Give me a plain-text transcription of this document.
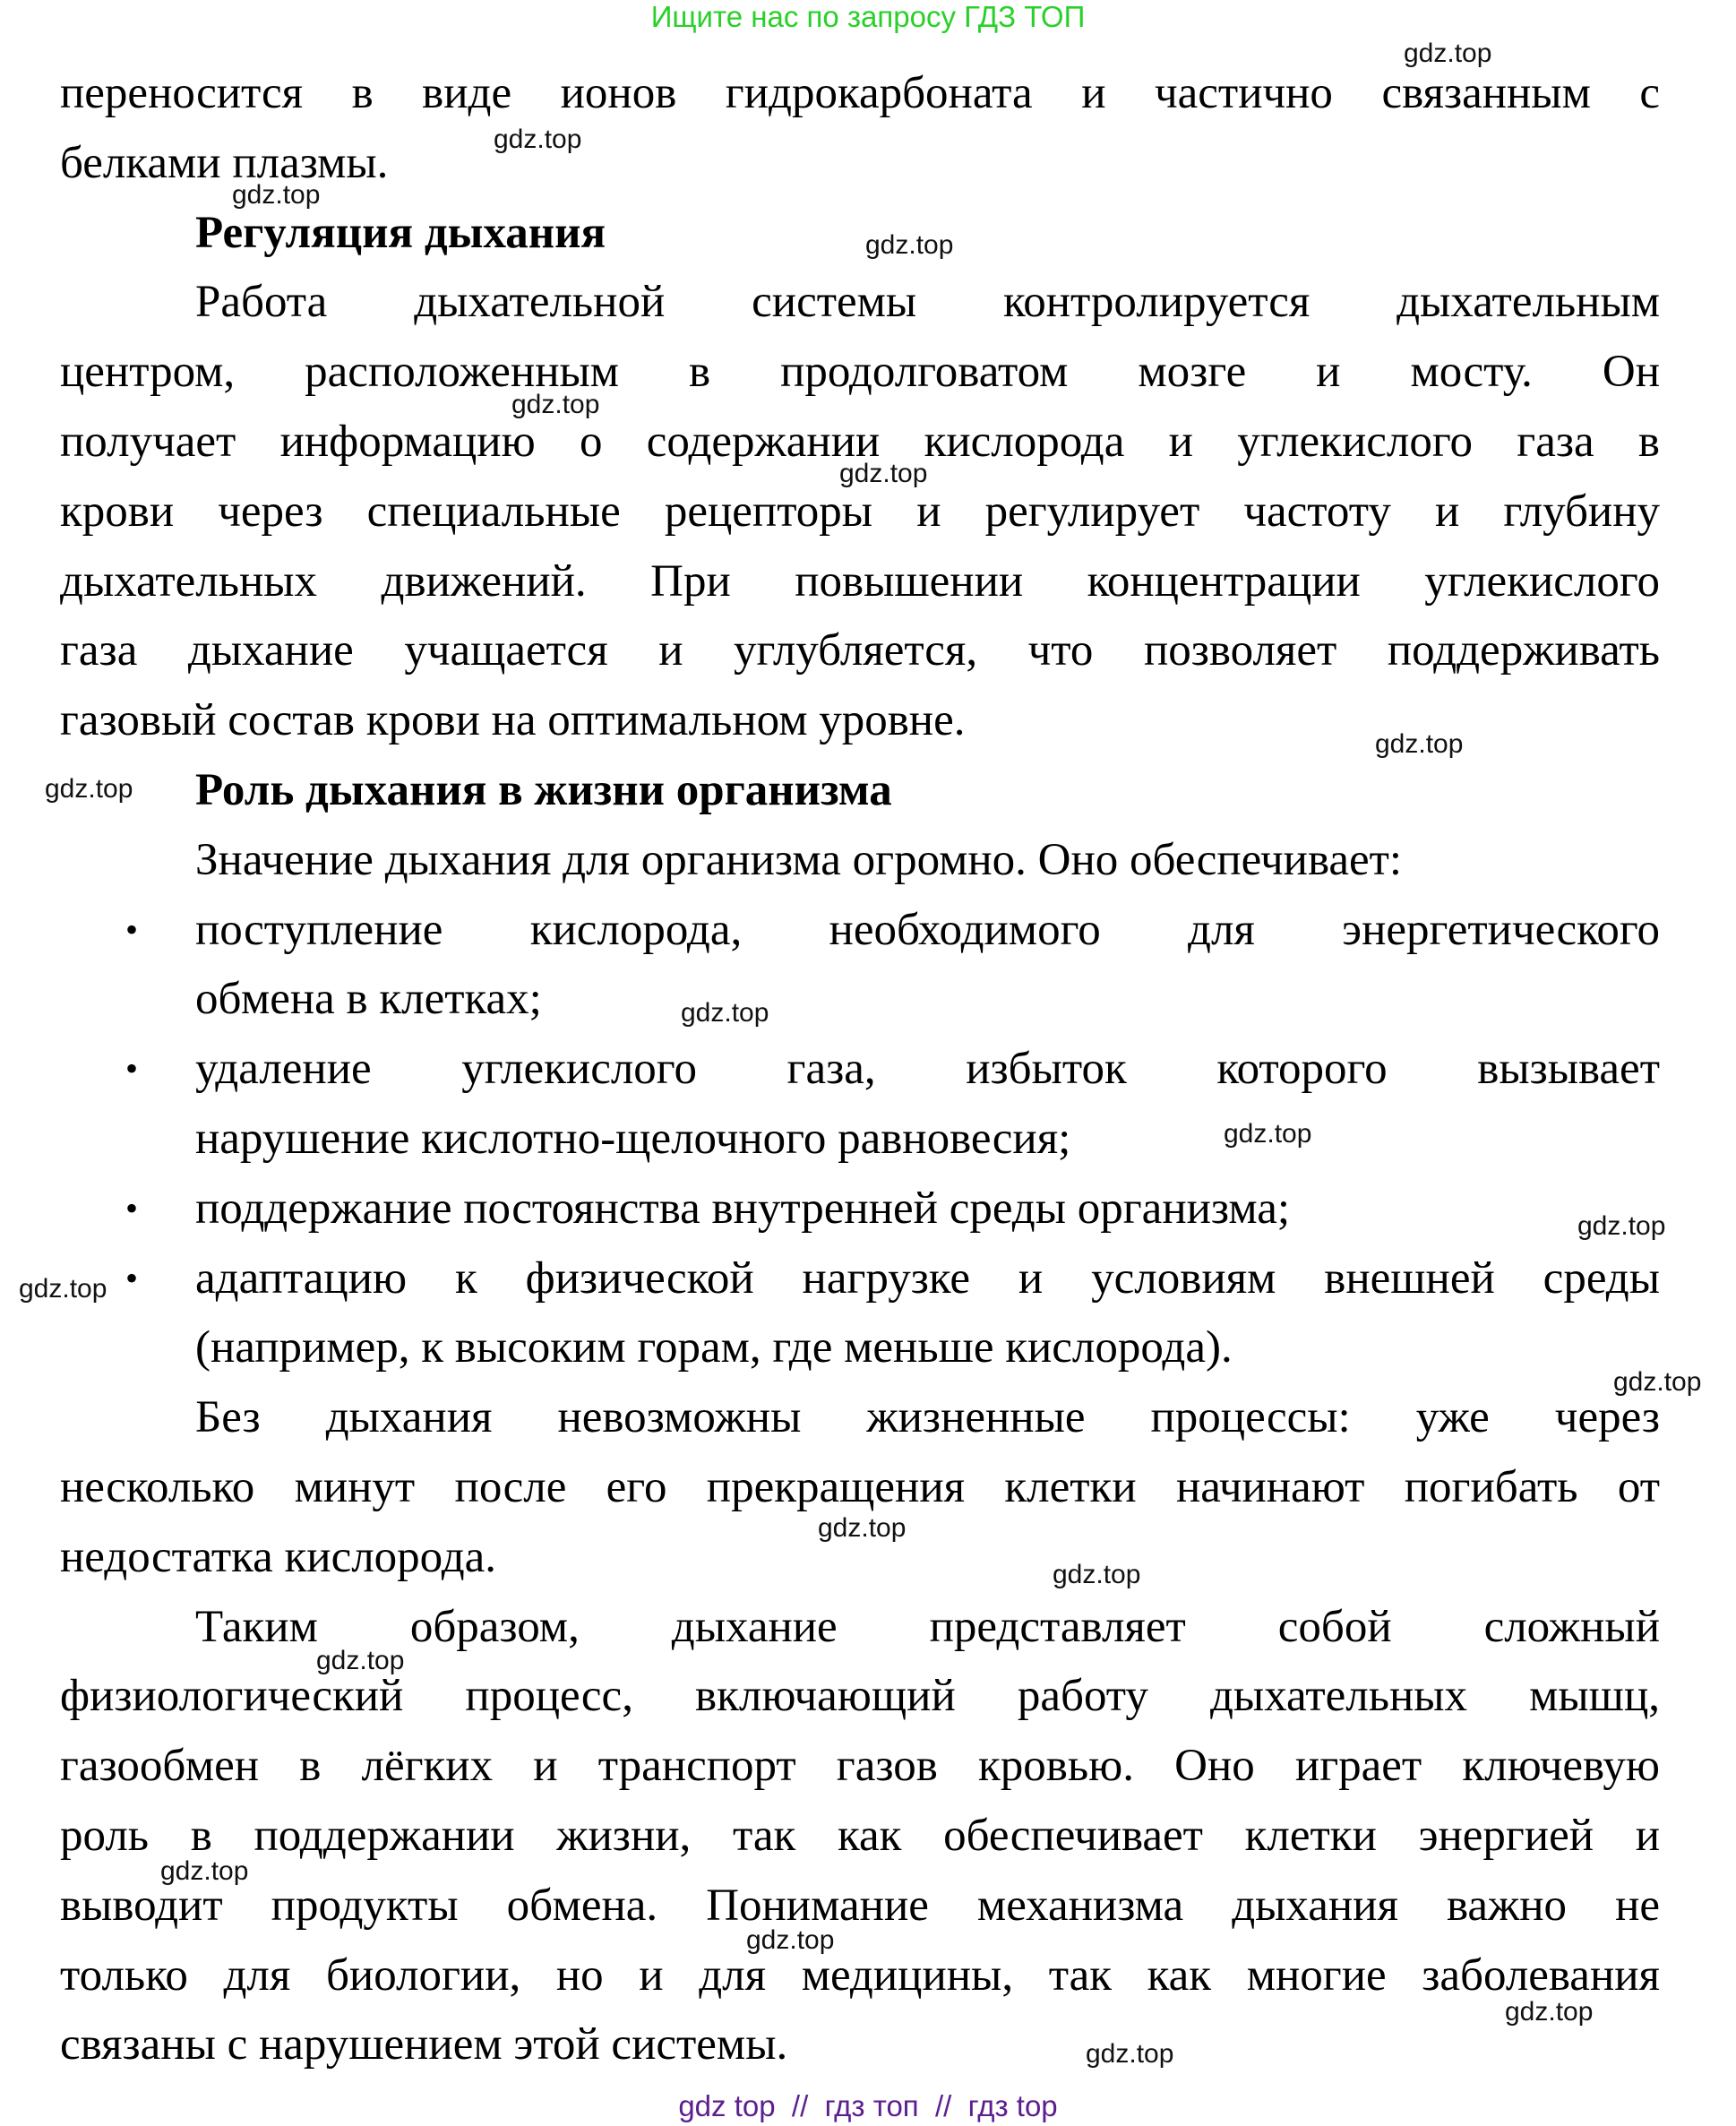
Ищите нас по запросу ГДЗ ТОП
переносится в виде ионов гидрокарбоната и частично связанным с
белками плазмы.
Регуляция дыхания
Работа дыхательной системы контролируется дыхательным
центром, расположенным в продолговатом мозге и мосту. Он
получает информацию о содержании кислорода и углекислого газа в
крови через специальные рецепторы и регулирует частоту и глубину
дыхательных движений. При повышении концентрации углекислого
газа дыхание учащается и углубляется, что позволяет поддерживать
газовый состав крови на оптимальном уровне.
Роль дыхания в жизни организма
Значение дыхания для организма огромно. Оно обеспечивает:
поступление кислорода, необходимого для энергетического
•
обмена в клетках;
удаление углекислого газа, избыток которого вызывает
•
нарушение кислотно-щелочного равновесия;
поддержание постоянства внутренней среды организма;
•
адаптацию к физической нагрузке и условиям внешней среды
•
(например, к высоким горам, где меньше кислорода).
Без дыхания невозможны жизненные процессы: уже через
несколько минут после его прекращения клетки начинают погибать от
недостатка кислорода.
Таким образом, дыхание представляет собой сложный
физиологический процесс, включающий работу дыхательных мышц,
газообмен в лёгких и транспорт газов кровью. Оно играет ключевую
роль в поддержании жизни, так как обеспечивает клетки энергией и
выводит продукты обмена. Понимание механизма дыхания важно не
только для биологии, но и для медицины, так как многие заболевания
связаны с нарушением этой системы.
gdz.top
gdz.top
gdz.top
gdz.top
gdz.top
gdz.top
gdz.top
gdz.top
gdz.top
gdz.top
gdz.top
gdz.top
gdz.top
gdz.top
gdz.top
gdz.top
gdz.top
gdz.top
gdz.top
gdz.top
gdz top  //  гдз топ  //  гдз top
